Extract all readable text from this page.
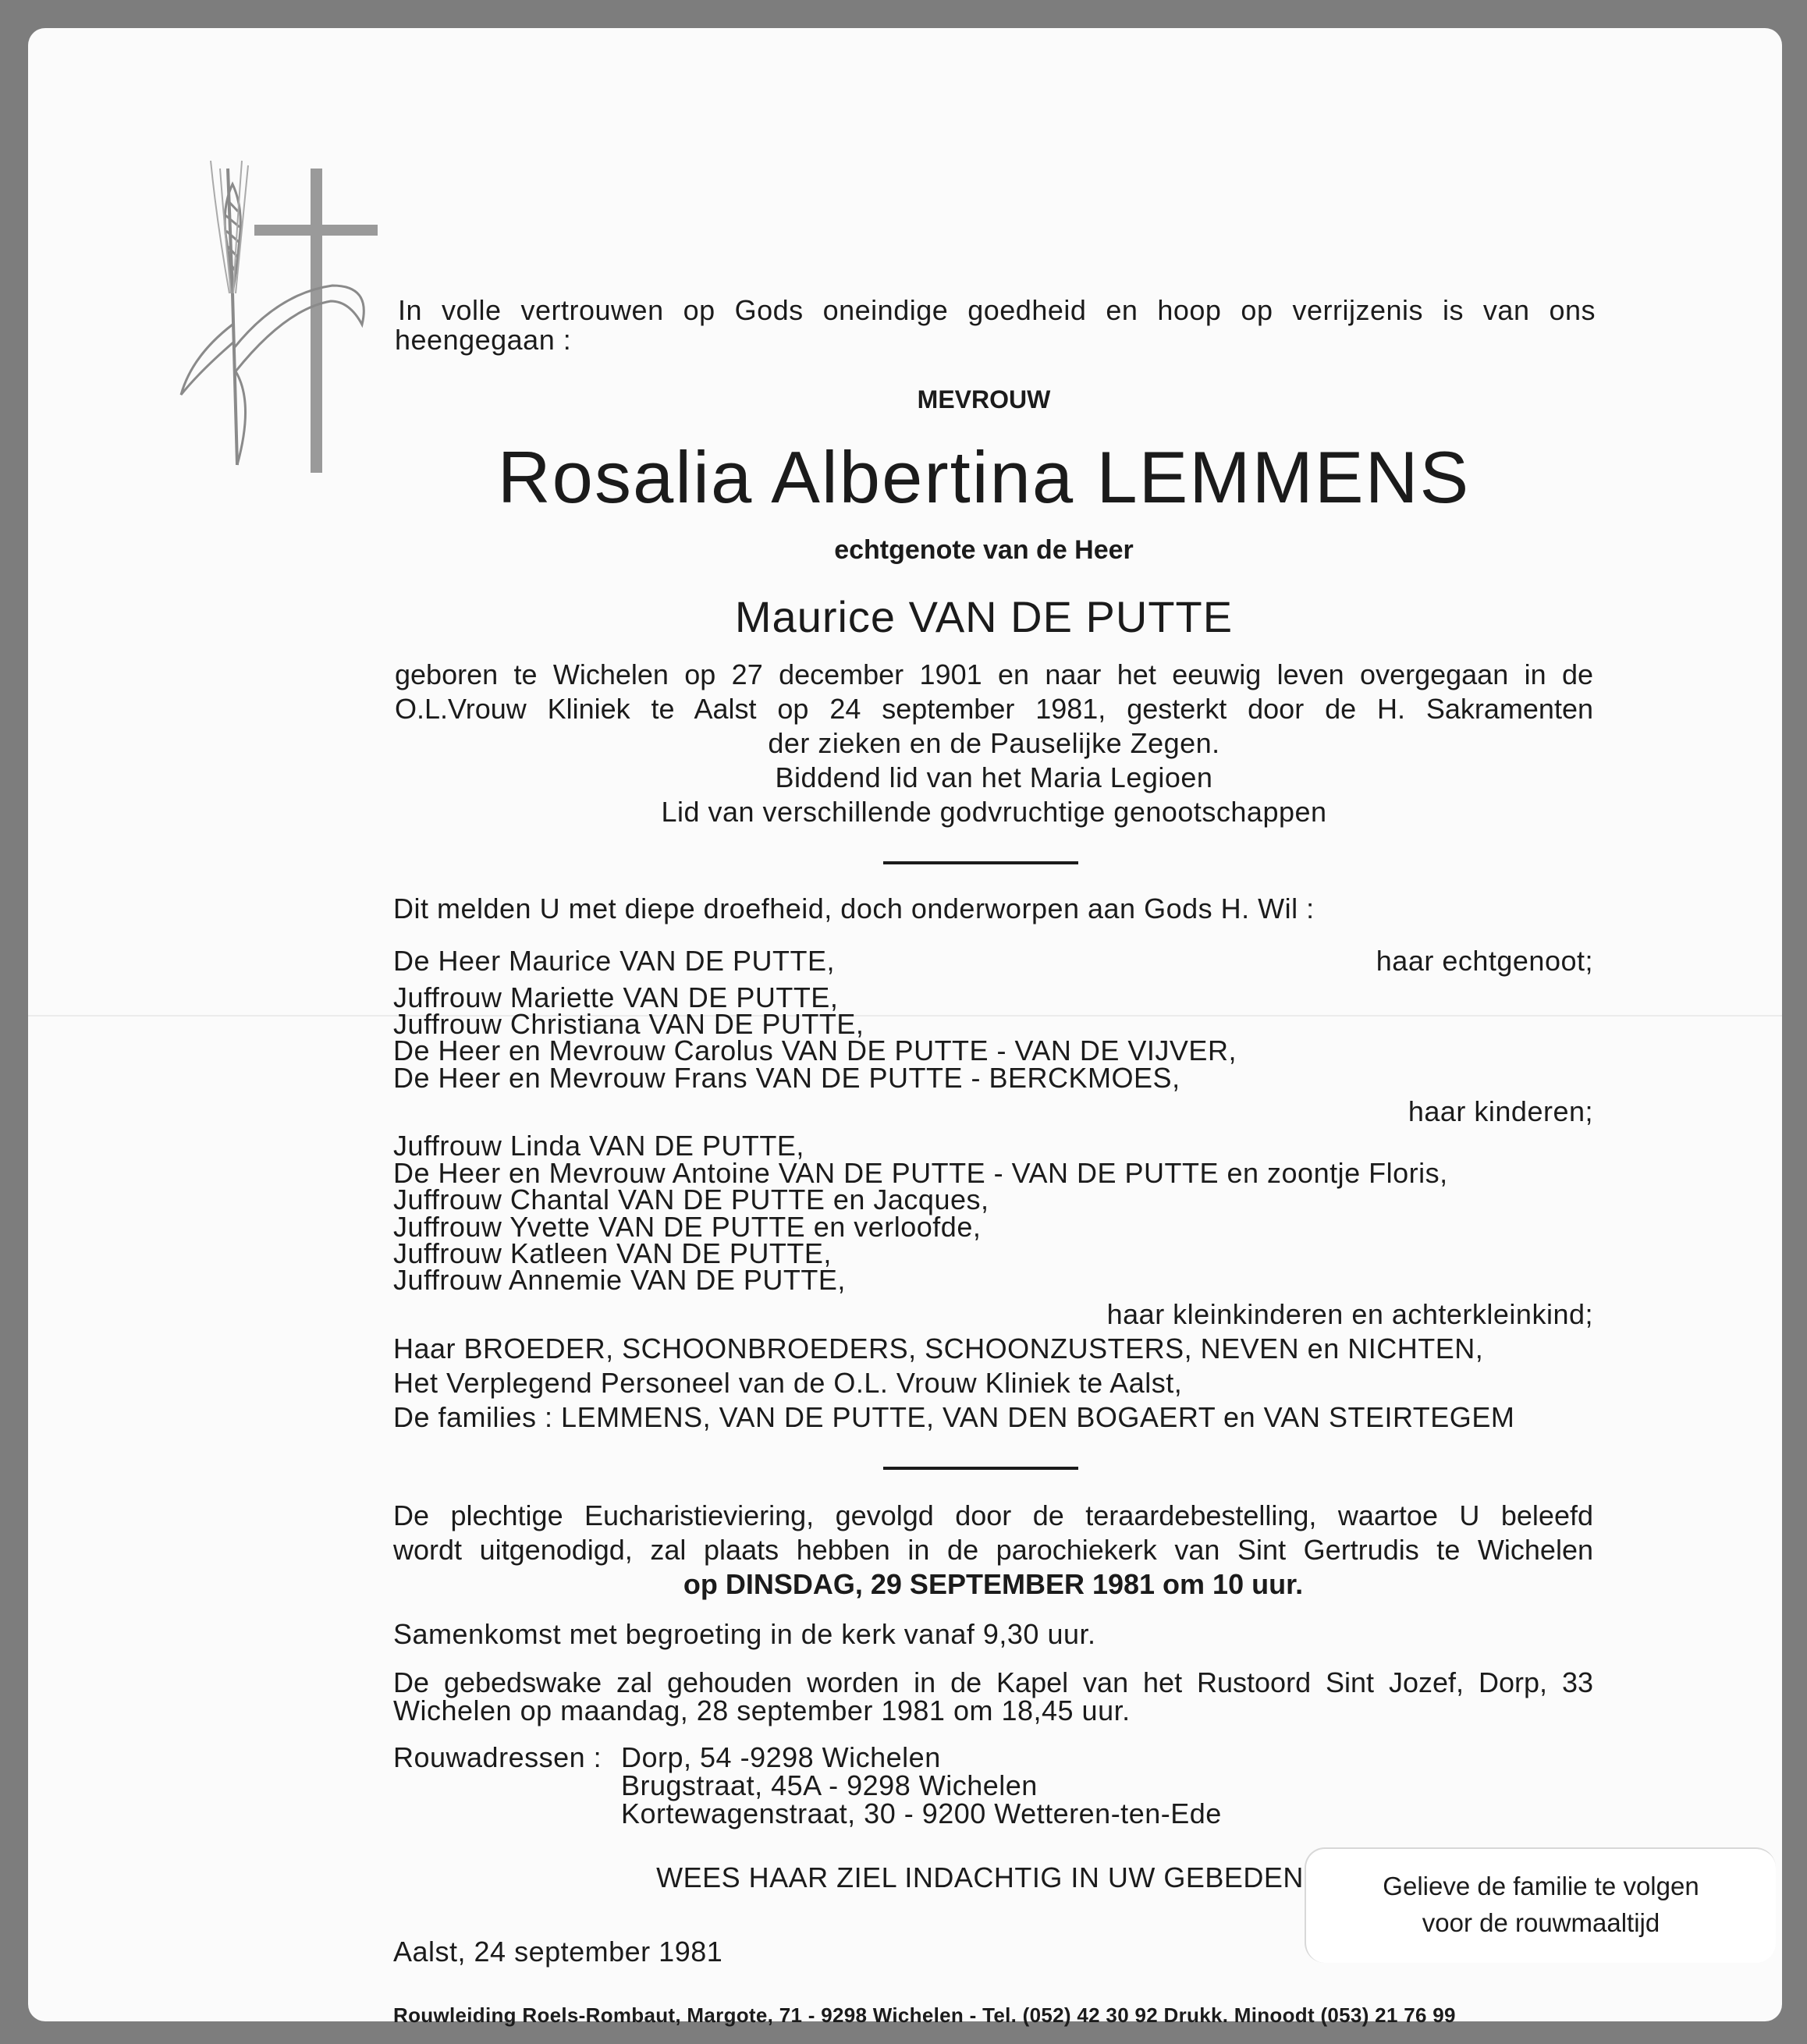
In volle vertrouwen op Gods oneindige goedheid en hoop op verrijzenis is van ons
heengegaan :
MEVROUW
Rosalia Albertina LEMMENS
echtgenote van de Heer
Maurice VAN DE PUTTE
geboren te Wichelen op 27 december 1901 en naar het eeuwig leven overgegaan in de
O.L.Vrouw Kliniek te Aalst op 24 september 1981, gesterkt door de H. Sakramenten
der zieken en de Pauselijke Zegen.
Biddend lid van het Maria Legioen
Lid van verschillende godvruchtige genootschappen
Dit melden U met diepe droefheid, doch onderworpen aan Gods H. Wil :
De Heer Maurice VAN DE PUTTE,	haar echtgenoot;
Juffrouw Mariette VAN DE PUTTE,
Juffrouw Christiana VAN DE PUTTE,
De Heer en Mevrouw Carolus VAN DE PUTTE - VAN DE VIJVER,
De Heer en Mevrouw Frans VAN DE PUTTE - BERCKMOES,
haar kinderen;
Juffrouw Linda VAN DE PUTTE,
De Heer en Mevrouw Antoine VAN DE PUTTE - VAN DE PUTTE en zoontje Floris,
Juffrouw Chantal VAN DE PUTTE en Jacques,
Juffrouw Yvette VAN DE PUTTE en verloofde,
Juffrouw Katleen VAN DE PUTTE,
Juffrouw Annemie VAN DE PUTTE,
haar kleinkinderen en achterkleinkind;
Haar BROEDER, SCHOONBROEDERS, SCHOONZUSTERS, NEVEN en NICHTEN,
Het Verplegend Personeel van de O.L. Vrouw Kliniek te Aalst,
De families : LEMMENS, VAN DE PUTTE, VAN DEN BOGAERT en VAN STEIRTEGEM
De plechtige Eucharistieviering, gevolgd door de teraardebestelling, waartoe U beleefd
wordt uitgenodigd, zal plaats hebben in de parochiekerk van Sint Gertrudis te Wichelen
op DINSDAG, 29 SEPTEMBER 1981 om 10 uur.
Samenkomst met begroeting in de kerk vanaf 9,30 uur.
De gebedswake zal gehouden worden in de Kapel van het Rustoord Sint Jozef, Dorp, 33
Wichelen op maandag, 28 september 1981 om 18,45 uur.
Rouwadressen : Dorp, 54 -9298 Wichelen
Brugstraat, 45A - 9298 Wichelen
Kortewagenstraat, 30 - 9200 Wetteren-ten-Ede
WEES HAAR ZIEL INDACHTIG IN UW GEBEDEN
Aalst, 24 september 1981
Rouwleiding Roels-Rombaut, Margote, 71 - 9298 Wichelen - Tel. (052) 42 30 92 Drukk. Minoodt (053) 21 76 99
Gelieve de familie te volgen
voor de rouwmaaltijd
